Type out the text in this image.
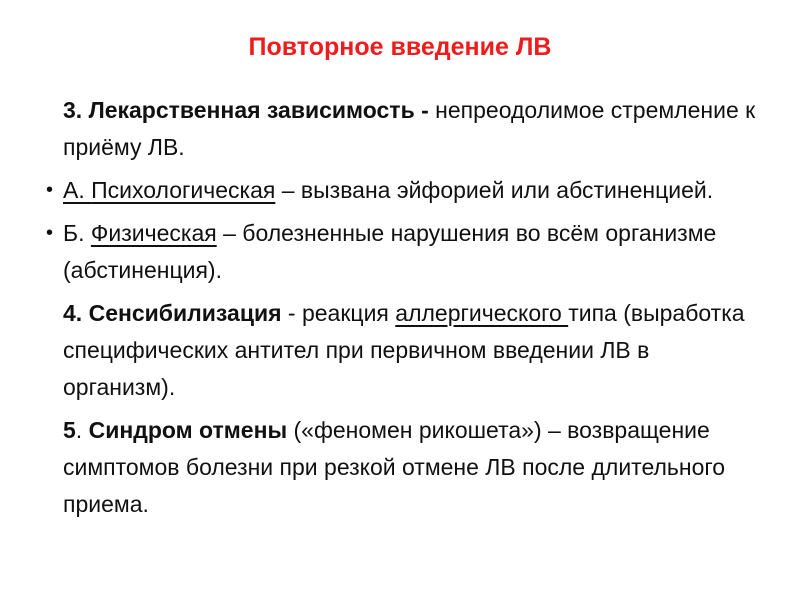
Повторное введение ЛВ
3. Лекарственная зависимость - непреодолимое стремление к приёму ЛВ.
• А. Психологическая – вызвана эйфорией или абстиненцией.
• Б. Физическая – болезненные нарушения во всём организме (абстиненция).
4. Сенсибилизация - реакция аллергического типа (выработка специфических антител при первичном введении ЛВ в организм).
5. Синдром отмены («феномен рикошета») – возвращение симптомов болезни при резкой отмене ЛВ после длительного приема.
